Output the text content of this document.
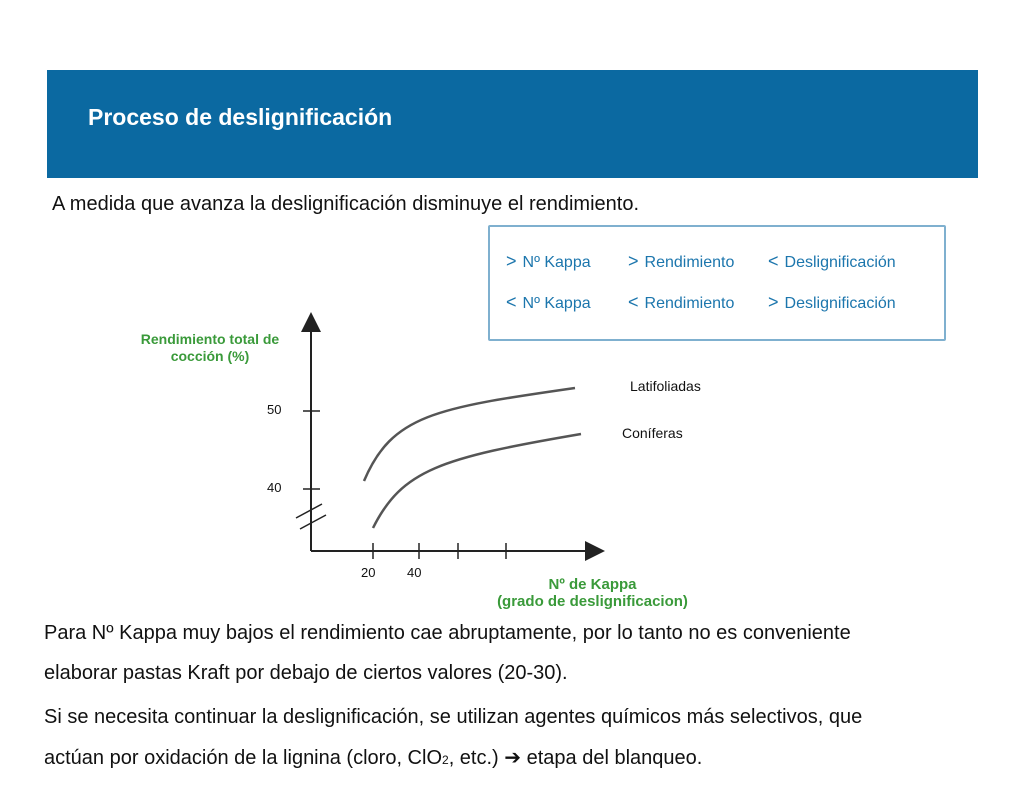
Proceso de deslignificación
A medida que avanza la deslignificación disminuye el rendimiento.
> Nº Kappa > Rendimiento < Deslignificación
< Nº Kappa < Rendimiento > Deslignificación
Rendimiento total de
cocción (%)
50
40
20 40
Latifoliadas
Coníferas
Nº de Kappa
(grado de deslignificacion)
Para Nº Kappa muy bajos el rendimiento cae abruptamente, por lo tanto no es conveniente
elaborar pastas Kraft por debajo de ciertos valores (20-30).
Si se necesita continuar la deslignificación, se utilizan agentes químicos más selectivos, que
actúan por oxidación de la lignina (cloro, ClO2, etc.) ➔ etapa del blanqueo.
